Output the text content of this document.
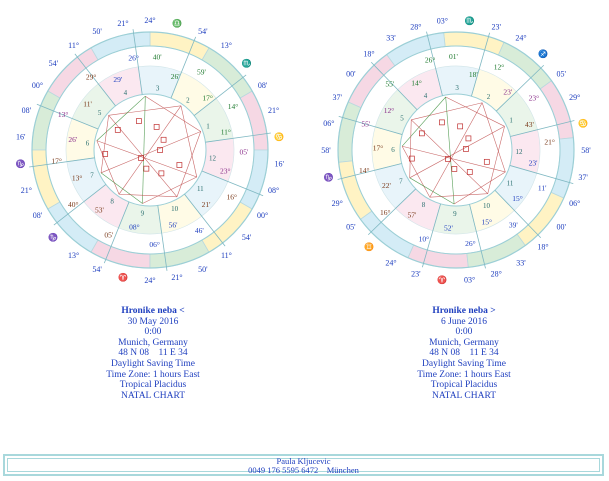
1
2
3
4
5
6
7
8
9
10
11
12
24° ♎
54'
13°
♏
08'
21°
♋
16'
08°
00°
54'
11°
50'
21°
24°
♈
54'
13°
♑
08'
21°
♑
16'
08'
00°
54'
11°
50'
21°
26°
29'
29°
11'
13°
26'
17°
13°
40°
53'
05'
08°
06°
56'
46'
21'
16°
23°
05'
11°
14°
17°
59'
26'
40'
1
2
3
4
5
6
7
8
9
10
11
12
03° ♏
23'
24°
♐
05'
29°
♋
58'
37'
06°
00'
18°
33'
28°
03°
♈
23'
24°
♊
05'
29°
♑
58'
06°
37'
00'
18°
33'
28°
26°
14°
55'
12°
55'
17°
14°
22'
16° 57'
10°
52'
26°
15° 39'
15°
11'
23'
21°
43'
23°
23'
12°
18'
01'
Hronike neba <
30 May 2016
0:00
Munich, Germany
48 N 08    11 E 34
Daylight Saving Time
Time Zone: 1 hours East
Tropical Placidus
NATAL CHART
Hronike neba >
6 June 2016
0:00
Munich, Germany
48 N 08    11 E 34
Daylight Saving Time
Time Zone: 1 hours East
Tropical Placidus
NATAL CHART
Paula Kljucevic
0049 176 5595 6472    München
